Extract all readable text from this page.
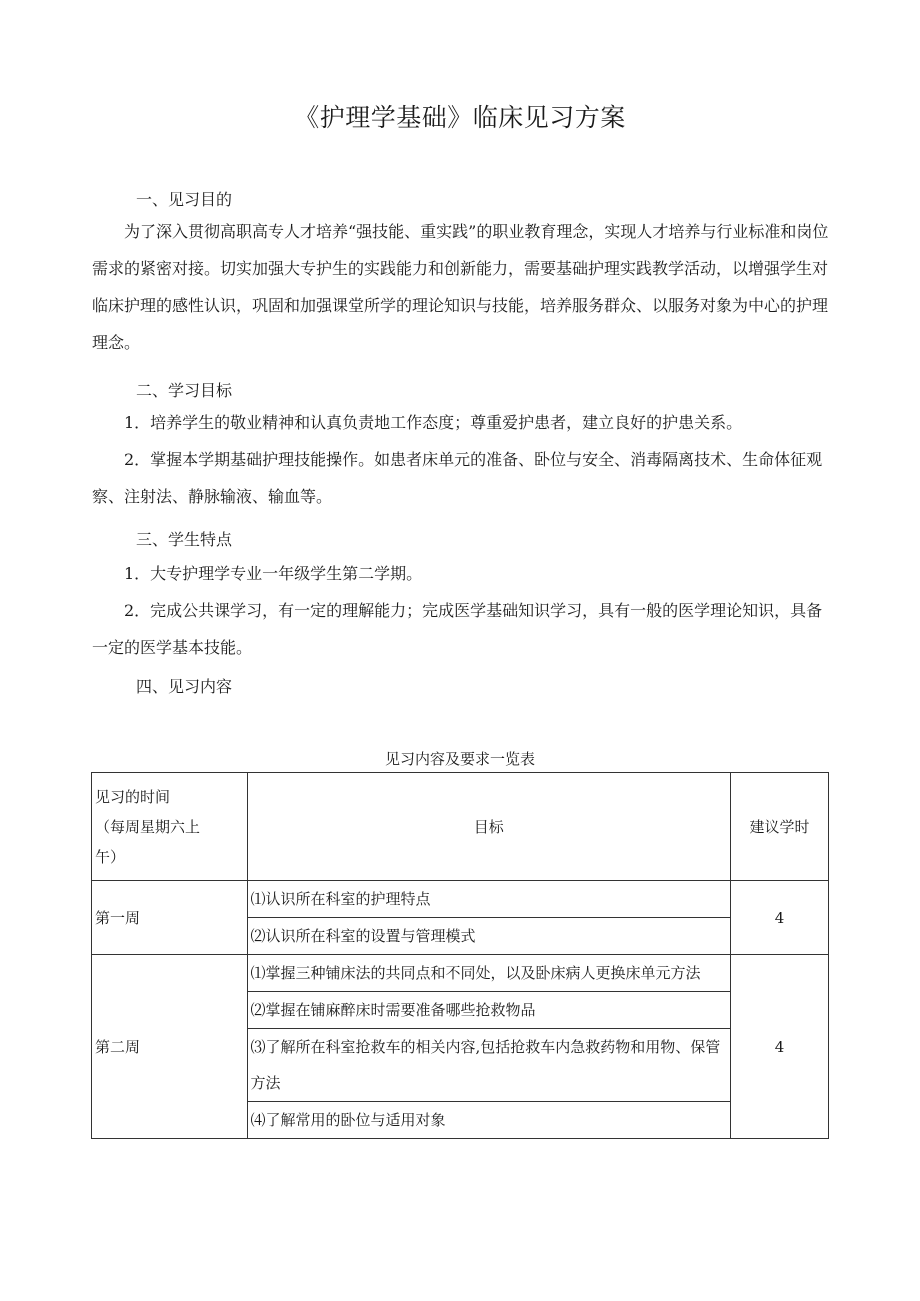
《护理学基础》临床见习方案
一、见习目的

为了深入贯彻高职高专人才培养“强技能、重实践”的职业教育理念，实现人才培养与行业标准和岗位需求的紧密对接。切实加强大专护生的实践能力和创新能力，需要基础护理实践教学活动，以增强学生对临床护理的感性认识，巩固和加强课堂所学的理论知识与技能，培养服务群众、以服务对象为中心的护理理念。

二、学习目标

1．培养学生的敬业精神和认真负责地工作态度；尊重爱护患者，建立良好的护患关系。

2．掌握本学期基础护理技能操作。如患者床单元的准备、卧位与安全、消毒隔离技术、生命体征观察、注射法、静脉输液、输血等。

三、学生特点

1．大专护理学专业一年级学生第二学期。

2．完成公共课学习，有一定的理解能力；完成医学基础知识学习，具有一般的医学理论知识，具备一定的医学基本技能。

四、见习内容
见习内容及要求一览表
见习的时间
（每周星期六上
午）	目标	建议学时
第一周	⑴认识所在科室的护理特点	4
	⑵认识所在科室的设置与管理模式	
第二周	⑴掌握三种铺床法的共同点和不同处，以及卧床病人更换床单元方法	4
	⑵掌握在铺麻醉床时需要准备哪些抢救物品	
	⑶了解所在科室抢救车的相关内容,包括抢救车内急救药物和用物、保管方法	
	⑷了解常用的卧位与适用对象	
